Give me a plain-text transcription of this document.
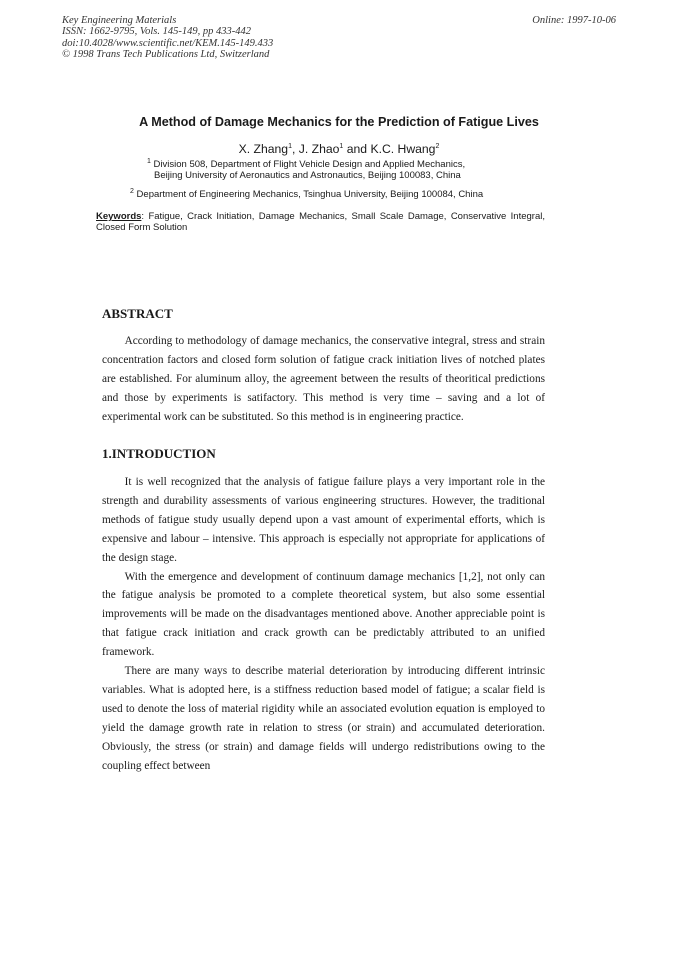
Key Engineering Materials
ISSN: 1662-9795, Vols. 145-149, pp 433-442
doi:10.4028/www.scientific.net/KEM.145-149.433
© 1998 Trans Tech Publications Ltd, Switzerland
Online: 1997-10-06
A Method of Damage Mechanics for the Prediction of Fatigue Lives
X. Zhang$^1$, J. Zhao$^1$ and K.C. Hwang$^2$
$^1$ Division 508, Department of Flight Vehicle Design and Applied Mechanics,
Beijing University of Aeronautics and Astronautics, Beijing 100083, China
$^2$ Department of Engineering Mechanics, Tsinghua University, Beijing 100084, China
Keywords: Fatigue, Crack Initiation, Damage Mechanics, Small Scale Damage, Conservative Integral, Closed Form Solution
ABSTRACT

According to methodology of damage mechanics, the conservative integral, stress and strain concentration factors and closed form solution of fatigue crack initiation lives of notched plates are established. For aluminum alloy, the agreement between the results of theoritical predictions and those by experiments is satifactory. This method is very time – saving and a lot of experimental work can be substituted. So this method is in engineering practice.

1.INTRODUCTION

It is well recognized that the analysis of fatigue failure plays a very important role in the strength and durability assessments of various engineering structures. However, the traditional methods of fatigue study usually depend upon a vast amount of experimental efforts, which is expensive and labour – intensive. This approach is especially not appropriate for applications of the design stage.

With the emergence and development of continuum damage mechanics [1,2], not only can the fatigue analysis be promoted to a complete theoretical system, but also some essential improvements will be made on the disadvantages mentioned above. Another appreciable point is that fatigue crack initiation and crack growth can be predictably attributed to an unified framework.

There are many ways to describe material deterioration by introducing different intrinsic variables. What is adopted here, is a stiffness reduction based model of fatigue; a scalar field is used to denote the loss of material rigidity while an associated evolution equation is employed to yield the damage growth rate in relation to stress (or strain) and accumulated deterioration. Obviously, the stress (or strain) and damage fields will undergo redistributions owing to the coupling effect between
